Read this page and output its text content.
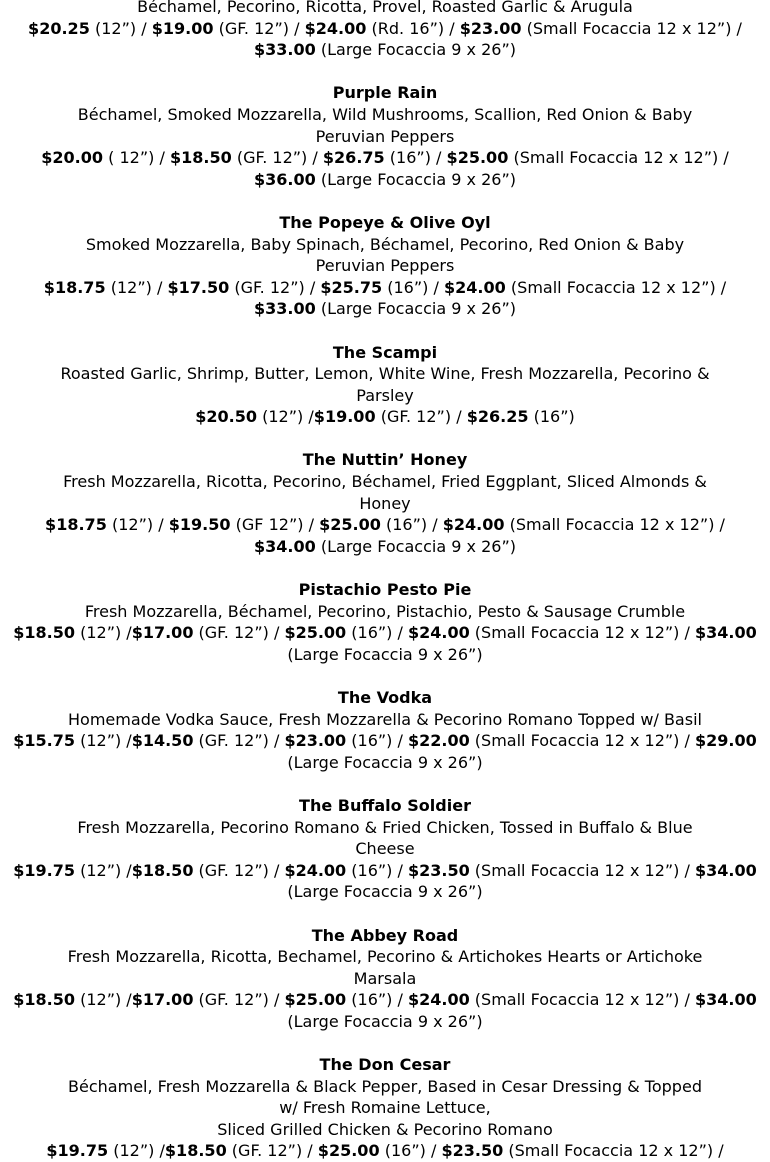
Béchamel, Pecorino, Ricotta, Provel, Roasted Garlic & Arugula
$20.25 (12”) / $19.00 (GF. 12”) / $24.00 (Rd. 16”) / $23.00 (Small Focaccia 12 x 12”) /
$33.00 (Large Focaccia 9 x 26”)
Purple Rain
Béchamel, Smoked Mozzarella, Wild Mushrooms, Scallion, Red Onion & Baby
Peruvian Peppers
$20.00 ( 12”) / $18.50 (GF. 12”) / $26.75 (16”) / $25.00 (Small Focaccia 12 x 12”) /
$36.00 (Large Focaccia 9 x 26”)
The Popeye & Olive Oyl
Smoked Mozzarella, Baby Spinach, Béchamel, Pecorino, Red Onion & Baby
Peruvian Peppers
$18.75 (12”) / $17.50 (GF. 12”) / $25.75 (16”) / $24.00 (Small Focaccia 12 x 12”) /
$33.00 (Large Focaccia 9 x 26”)
The Scampi
Roasted Garlic, Shrimp, Butter, Lemon, White Wine, Fresh Mozzarella, Pecorino &
Parsley
$20.50 (12”) /$19.00 (GF. 12”) / $26.25 (16”)
The Nuttin’ Honey
Fresh Mozzarella, Ricotta, Pecorino, Béchamel, Fried Eggplant, Sliced Almonds &
Honey
$18.75 (12”) / $19.50 (GF 12”) / $25.00 (16”) / $24.00 (Small Focaccia 12 x 12”) /
$34.00 (Large Focaccia 9 x 26”)
Pistachio Pesto Pie
Fresh Mozzarella, Béchamel, Pecorino, Pistachio, Pesto & Sausage Crumble
$18.50 (12”) /$17.00 (GF. 12”) / $25.00 (16”) / $24.00 (Small Focaccia 12 x 12”) / $34.00
(Large Focaccia 9 x 26”)
The Vodka
Homemade Vodka Sauce, Fresh Mozzarella & Pecorino Romano Topped w/ Basil
$15.75 (12”) /$14.50 (GF. 12”) / $23.00 (16”) / $22.00 (Small Focaccia 12 x 12”) / $29.00
(Large Focaccia 9 x 26”)
The Buffalo Soldier
Fresh Mozzarella, Pecorino Romano & Fried Chicken, Tossed in Buffalo & Blue
Cheese
$19.75 (12”) /$18.50 (GF. 12”) / $24.00 (16”) / $23.50 (Small Focaccia 12 x 12”) / $34.00
(Large Focaccia 9 x 26”)
The Abbey Road
Fresh Mozzarella, Ricotta, Bechamel, Pecorino & Artichokes Hearts or Artichoke
Marsala
$18.50 (12”) /$17.00 (GF. 12”) / $25.00 (16”) / $24.00 (Small Focaccia 12 x 12”) / $34.00
(Large Focaccia 9 x 26”)
The Don Cesar
Béchamel, Fresh Mozzarella & Black Pepper, Based in Cesar Dressing & Topped
w/ Fresh Romaine Lettuce,
Sliced Grilled Chicken & Pecorino Romano
$19.75 (12”) /$18.50 (GF. 12”) / $25.00 (16”) / $23.50 (Small Focaccia 12 x 12”) /
